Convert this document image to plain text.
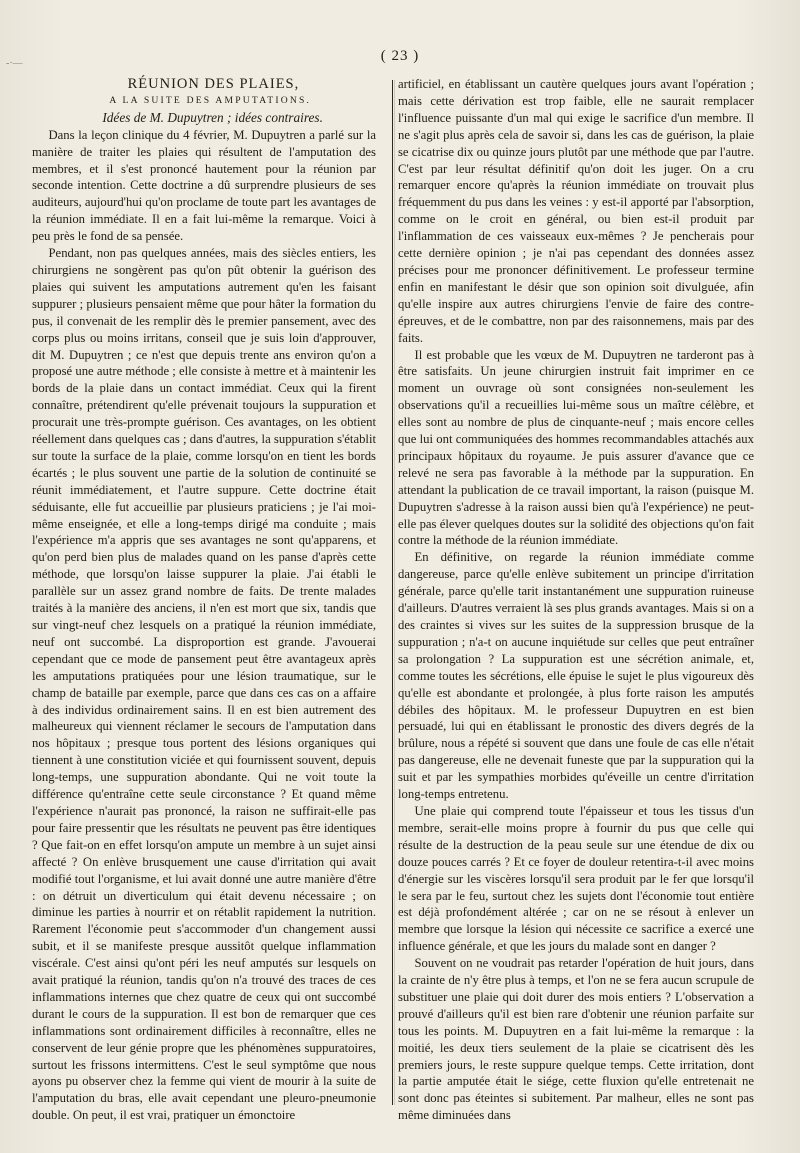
-·—	( 23 )

RÉUNION DES PLAIES,

A LA SUITE DES AMPUTATIONS.

Idées de M. Dupuytren ; idées contraires.

Dans la leçon clinique du 4 février, M. Dupuytren a parlé sur la manière de traiter les plaies qui résultent de l'amputation des membres, et il s'est prononcé hautement pour la réunion par seconde intention. Cette doctrine a dû surprendre plusieurs de ses auditeurs, aujourd'hui qu'on proclame de toute part les avantages de la réunion immédiate. Il en a fait lui-même la remarque. Voici à peu près le fond de sa pensée.

Pendant, non pas quelques années, mais des siècles entiers, les chirurgiens ne songèrent pas qu'on pût obtenir la guérison des plaies qui suivent les amputations autrement qu'en les faisant suppurer ; plusieurs pensaient même que pour hâter la formation du pus, il convenait de les remplir dès le premier pansement, avec des corps plus ou moins irritans, conseil que je suis loin d'approuver, dit M. Dupuytren ; ce n'est que depuis trente ans environ qu'on a proposé une autre méthode ; elle consiste à mettre et à maintenir les bords de la plaie dans un contact immédiat. Ceux qui la firent connaître, prétendirent qu'elle prévenait toujours la suppuration et procurait une très-prompte guérison. Ces avantages, on les obtient réellement dans quelques cas ; dans d'autres, la suppuration s'établit sur toute la surface de la plaie, comme lorsqu'on en tient les bords écartés ; le plus souvent une partie de la solution de continuité se réunit immédiatement, et l'autre suppure. Cette doctrine était séduisante, elle fut accueillie par plusieurs praticiens ; je l'ai moi-même enseignée, et elle a long-temps dirigé ma conduite ; mais l'expérience m'a appris que ses avantages ne sont qu'apparens, et qu'on perd bien plus de malades quand on les panse d'après cette méthode, que lorsqu'on laisse suppurer la plaie. J'ai établi le parallèle sur un assez grand nombre de faits. De trente malades traités à la manière des anciens, il n'en est mort que six, tandis que sur vingt-neuf chez lesquels on a pratiqué la réunion immédiate, neuf ont succombé. La disproportion est grande. J'avouerai cependant que ce mode de pansement peut être avantageux après les amputations pratiquées pour une lésion traumatique, sur le champ de bataille par exemple, parce que dans ces cas on a affaire à des individus ordinairement sains. Il en est bien autrement des malheureux qui viennent réclamer le secours de l'amputation dans nos hôpitaux ; presque tous portent des lésions organiques qui tiennent à une constitution viciée et qui fournissent souvent, depuis long-temps, une suppuration abondante. Qui ne voit toute la différence qu'entraîne cette seule circonstance ? Et quand même l'expérience n'aurait pas prononcé, la raison ne suffirait-elle pas pour faire pressentir que les résultats ne peuvent pas être identiques ? Que fait-on en effet lorsqu'on ampute un membre à un sujet ainsi affecté ? On enlève brusquement une cause d'irritation qui avait modifié tout l'organisme, et lui avait donné une autre manière d'être : on détruit un diverticulum qui était devenu nécessaire ; on diminue les parties à nourrir et on rétablit rapidement la nutrition. Rarement l'économie peut s'accommoder d'un changement aussi subit, et il se manifeste presque aussitôt quelque inflammation viscérale. C'est ainsi qu'ont péri les neuf amputés sur lesquels on avait pratiqué la réunion, tandis qu'on n'a trouvé des traces de ces inflammations internes que chez quatre de ceux qui ont succombé durant le cours de la suppuration. Il est bon de remarquer que ces inflammations sont ordinairement difficiles à reconnaître, elles ne conservent de leur génie propre que les phénomènes suppuratoires, surtout les frissons intermittens. C'est le seul symptôme que nous ayons pu observer chez la femme qui vient de mourir à la suite de l'amputation du bras, elle avait cependant une pleuro-pneumonie double. On peut, il est vrai, pratiquer un émonctoire

artificiel, en établissant un cautère quelques jours avant l'opération ; mais cette dérivation est trop faible, elle ne saurait remplacer l'influence puissante d'un mal qui exige le sacrifice d'un membre. Il ne s'agit plus après cela de savoir si, dans les cas de guérison, la plaie se cicatrise dix ou quinze jours plutôt par une méthode que par l'autre. C'est par leur résultat définitif qu'on doit les juger. On a cru remarquer encore qu'après la réunion immédiate on trouvait plus fréquemment du pus dans les veines : y est-il apporté par l'absorption, comme on le croit en général, ou bien est-il produit par l'inflammation de ces vaisseaux eux-mêmes ? Je pencherais pour cette dernière opinion ; je n'ai pas cependant des données assez précises pour me prononcer définitivement. Le professeur termine enfin en manifestant le désir que son opinion soit divulguée, afin qu'elle inspire aux autres chirurgiens l'envie de faire des contre-épreuves, et de le combattre, non par des raisonnemens, mais par des faits.

Il est probable que les vœux de M. Dupuytren ne tarderont pas à être satisfaits. Un jeune chirurgien instruit fait imprimer en ce moment un ouvrage où sont consignées non-seulement les observations qu'il a recueillies lui-même sous un maître célèbre, et elles sont au nombre de plus de cinquante-neuf ; mais encore celles que lui ont communiquées des hommes recommandables attachés aux principaux hôpitaux du royaume. Je puis assurer d'avance que ce relevé ne sera pas favorable à la méthode par la suppuration. En attendant la publication de ce travail important, la raison (puisque M. Dupuytren s'adresse à la raison aussi bien qu'à l'expérience) ne peut-elle pas élever quelques doutes sur la solidité des objections qu'on fait contre la méthode de la réunion immédiate.

En définitive, on regarde la réunion immédiate comme dangereuse, parce qu'elle enlève subitement un principe d'irritation générale, parce qu'elle tarit instantanément une suppuration ruineuse d'ailleurs. D'autres verraient là ses plus grands avantages. Mais si on a des craintes si vives sur les suites de la suppression brusque de la suppuration ; n'a-t on aucune inquiétude sur celles que peut entraîner sa prolongation ? La suppuration est une sécrétion animale, et, comme toutes les sécrétions, elle épuise le sujet le plus vigoureux dès qu'elle est abondante et prolongée, à plus forte raison les amputés débiles des hôpitaux. M. le professeur Dupuytren en est bien persuadé, lui qui en établissant le pronostic des divers degrés de la brûlure, nous a répété si souvent que dans une foule de cas elle n'était pas dangereuse, elle ne devenait funeste que par la suppuration qui la suit et par les sympathies morbides qu'éveille un centre d'irritation long-temps entretenu.

Une plaie qui comprend toute l'épaisseur et tous les tissus d'un membre, serait-elle moins propre à fournir du pus que celle qui résulte de la destruction de la peau seule sur une étendue de dix ou douze pouces carrés ? Et ce foyer de douleur retentira-t-il avec moins d'énergie sur les viscères lorsqu'il sera produit par le fer que lorsqu'il le sera par le feu, surtout chez les sujets dont l'économie tout entière est déjà profondément altérée ; car on ne se résout à enlever un membre que lorsque la lésion qui nécessite ce sacrifice a exercé une influence générale, et que les jours du malade sont en danger ?

Souvent on ne voudrait pas retarder l'opération de huit jours, dans la crainte de n'y être plus à temps, et l'on ne se fera aucun scrupule de substituer une plaie qui doit durer des mois entiers ? L'observation a prouvé d'ailleurs qu'il est bien rare d'obtenir une réunion parfaite sur tous les points. M. Dupuytren en a fait lui-même la remarque : la moitié, les deux tiers seulement de la plaie se cicatrisent dès les premiers jours, le reste suppure quelque temps. Cette irritation, dont la partie amputée était le siége, cette fluxion qu'elle entretenait ne sont donc pas éteintes si subitement. Par malheur, elles ne sont pas même diminuées dans
